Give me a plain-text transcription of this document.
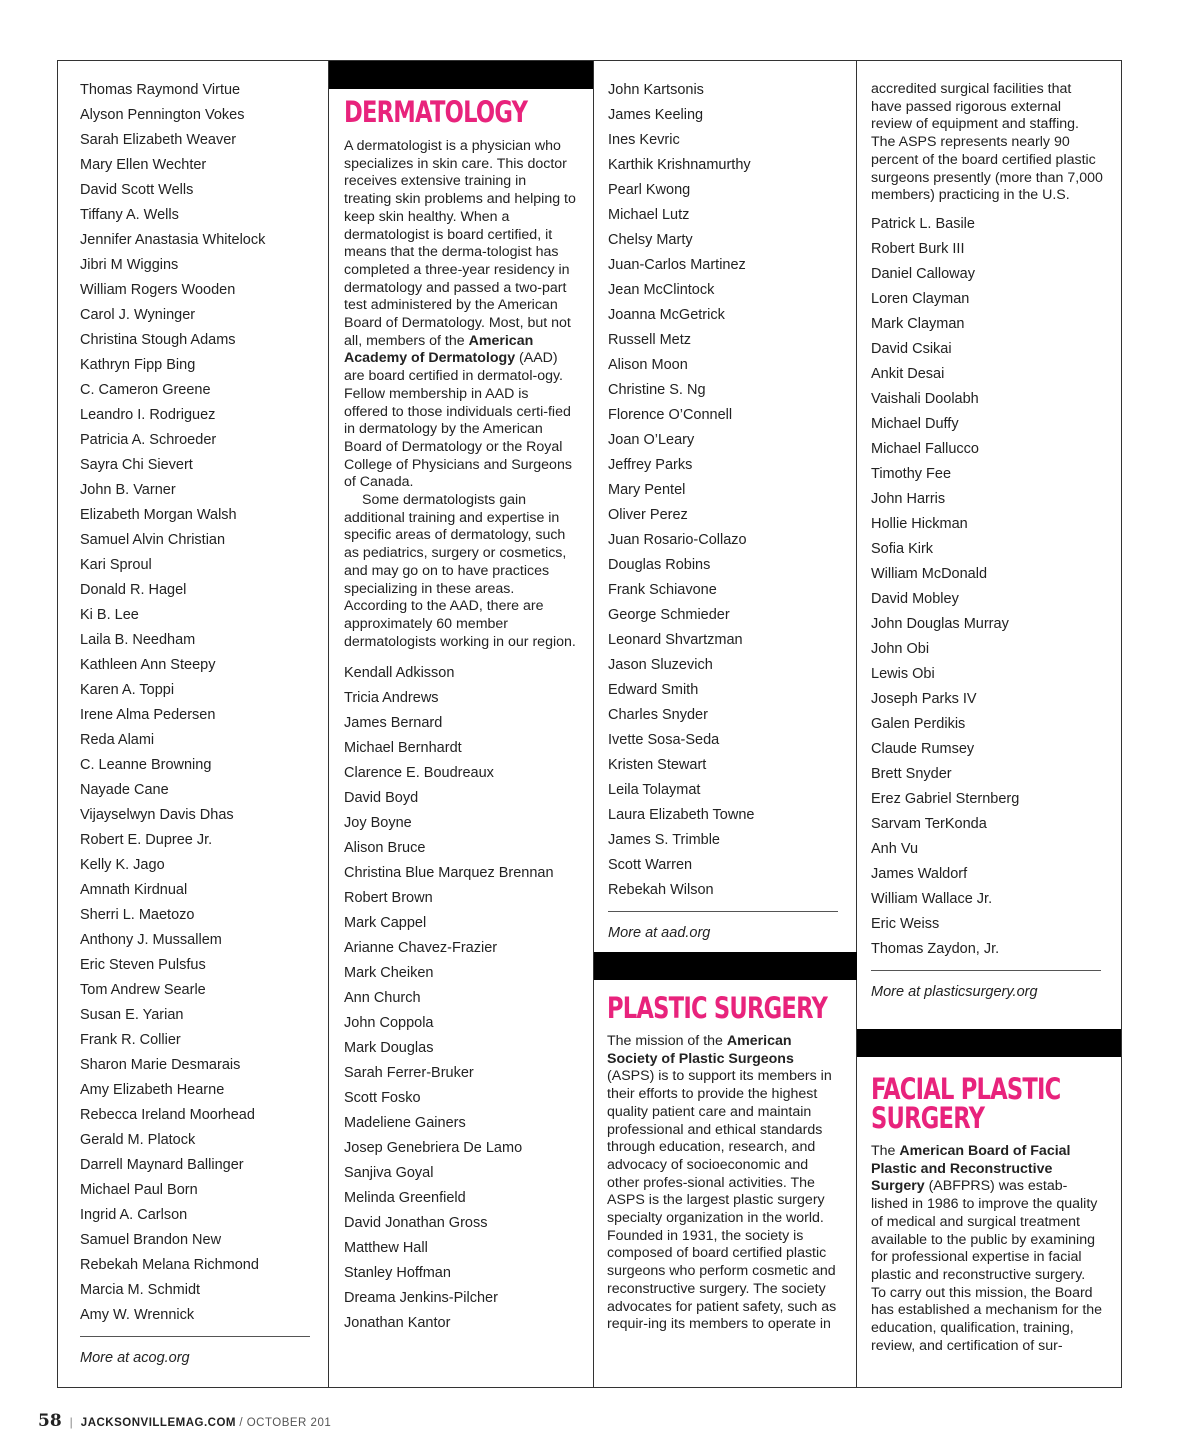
Thomas Raymond Virtue
Alyson Pennington Vokes
Sarah Elizabeth Weaver
Mary Ellen Wechter
David Scott Wells
Tiffany A. Wells
Jennifer Anastasia Whitelock
Jibri M Wiggins
William Rogers Wooden
Carol J. Wyninger
Christina Stough Adams
Kathryn Fipp Bing
C. Cameron Greene
Leandro I. Rodriguez
Patricia A. Schroeder
Sayra Chi Sievert
John B. Varner
Elizabeth Morgan Walsh
Samuel Alvin Christian
Kari Sproul
Donald R. Hagel
Ki B. Lee
Laila B. Needham
Kathleen Ann Steepy
Karen A. Toppi
Irene Alma Pedersen
Reda Alami
C. Leanne Browning
Nayade Cane
Vijayselwyn Davis Dhas
Robert E. Dupree Jr.
Kelly K. Jago
Amnath Kirdnual
Sherri L. Maetozo
Anthony J. Mussallem
Eric Steven Pulsfus
Tom Andrew Searle
Susan E. Yarian
Frank R. Collier
Sharon Marie Desmarais
Amy Elizabeth Hearne
Rebecca Ireland Moorhead
Gerald M. Platock
Darrell Maynard Ballinger
Michael Paul Born
Ingrid A. Carlson
Samuel Brandon New
Rebekah Melana Richmond
Marcia M. Schmidt
Amy W. Wrennick
More at acog.org
DERMATOLOGY

A dermatologist is a physician who specializes in skin care. This doctor receives extensive training in treating skin problems and helping to keep skin healthy. When a dermatologist is board certified, it means that the derma-tologist has completed a three-year residency in dermatology and passed a two-part test administered by the American Board of Dermatology. Most, but not all, members of the American Academy of Dermatology (AAD) are board certified in dermatol-ogy. Fellow membership in AAD is offered to those individuals certi-fied in dermatology by the American Board of Dermatology or the Royal College of Physicians and Surgeons of Canada.

Some dermatologists gain additional training and expertise in specific areas of dermatology, such as pediatrics, surgery or cosmetics, and may go on to have practices specializing in these areas. According to the AAD, there are approximately 60 member dermatologists working in our region.

Kendall Adkisson
Tricia Andrews
James Bernard
Michael Bernhardt
Clarence E. Boudreaux
David Boyd
Joy Boyne
Alison Bruce
Christina Blue Marquez Brennan
Robert Brown
Mark Cappel
Arianne Chavez-Frazier
Mark Cheiken
Ann Church
John Coppola
Mark Douglas
Sarah Ferrer-Bruker
Scott Fosko
Madeliene Gainers
Josep Genebriera De Lamo
Sanjiva Goyal
Melinda Greenfield
David Jonathan Gross
Matthew Hall
Stanley Hoffman
Dreama Jenkins-Pilcher
Jonathan Kantor
John Kartsonis
James Keeling
Ines Kevric
Karthik Krishnamurthy
Pearl Kwong
Michael Lutz
Chelsy Marty
Juan-Carlos Martinez
Jean McClintock
Joanna McGetrick
Russell Metz
Alison Moon
Christine S. Ng
Florence O’Connell
Joan O’Leary
Jeffrey Parks
Mary Pentel
Oliver Perez
Juan Rosario-Collazo
Douglas Robins
Frank Schiavone
George Schmieder
Leonard Shvartzman
Jason Sluzevich
Edward Smith
Charles Snyder
Ivette Sosa-Seda
Kristen Stewart
Leila Tolaymat
Laura Elizabeth Towne
James S. Trimble
Scott Warren
Rebekah Wilson
More at aad.org
PLASTIC SURGERY

The mission of the American Society of Plastic Surgeons (ASPS) is to support its members in their efforts to provide the highest quality patient care and maintain professional and ethical standards through education, research, and advocacy of socioeconomic and other profes-sional activities. The ASPS is the largest plastic surgery specialty organization in the world. Founded in 1931, the society is composed of board certified plastic surgeons who perform cosmetic and reconstructive surgery. The society advocates for patient safety, such as requir-ing its members to operate in

accredited surgical facilities that have passed rigorous external review of equipment and staffing. The ASPS represents nearly 90 percent of the board certified plastic surgeons presently (more than 7,000 members) practicing in the U.S.

Patrick L. Basile
Robert Burk III
Daniel Calloway
Loren Clayman
Mark Clayman
David Csikai
Ankit Desai
Vaishali Doolabh
Michael Duffy
Michael Fallucco
Timothy Fee
John Harris
Hollie Hickman
Sofia Kirk
William McDonald
David Mobley
John Douglas Murray
John Obi
Lewis Obi
Joseph Parks IV
Galen Perdikis
Claude Rumsey
Brett Snyder
Erez Gabriel Sternberg
Sarvam TerKonda
Anh Vu
James Waldorf
William Wallace Jr.
Eric Weiss
Thomas Zaydon, Jr.
More at plasticsurgery.org
FACIAL PLASTIC
SURGERY

The American Board of Facial Plastic and Reconstructive Surgery (ABFPRS) was estab-lished in 1986 to improve the quality of medical and surgical treatment available to the public by examining for professional expertise in facial plastic and reconstructive surgery. To carry out this mission, the Board has established a mechanism for the education, qualification, training, review, and certification of sur-

58 | JACKSONVILLEMAG.COM / OCTOBER 201
